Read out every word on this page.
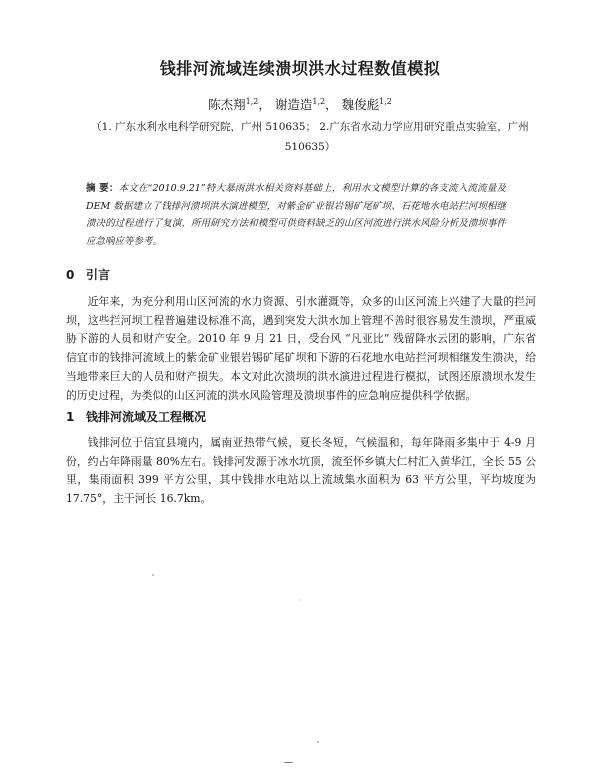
钱排河流域连续溃坝洪水过程数值模拟
陈杰翔$^{1,2}$， 谢造造$^{1,2}$， 魏俊彪$^{1,2}$
（1. 广东水利水电科学研究院，广州 510635； 2.广东省水动力学应用研究重点实验室，广州
510635）
摘 要：本文在“2010.9.21”特大暴雨洪水相关资料基础上，利用水文模型计算的各支流入流流量及 DEM 数据建立了钱排河溃坝洪水演进模型，对紫金矿业银岩锡矿尾矿坝、石花地水电站拦河坝相继溃决的过程进行了复演，所用研究方法和模型可供资料缺乏的山区河流进行洪水风险分析及溃坝事件应急响应等参考。
0 引言
近年来，为充分利用山区河流的水力资源、引水灌溉等，众多的山区河流上兴建了大量的拦河坝，这些拦河坝工程普遍建设标准不高，遇到突发大洪水加上管理不善时很容易发生溃坝，严重威胁下游的人员和财产安全。2010 年 9 月 21 日，受台风 “凡亚比” 残留降水云团的影响，广东省信宜市的钱排河流域上的紫金矿业银岩锡矿尾矿坝和下游的石花地水电站拦河坝相继发生溃决，给当地带来巨大的人员和财产损失。本文对此次溃坝的洪水演进过程进行模拟，试图还原溃坝水发生的历史过程，为类似的山区河流的洪水风险管理及溃坝事件的应急响应提供科学依据。
1 钱排河流域及工程概况
钱排河位于信宜县境内，属南亚热带气候，夏长冬短，气候温和，每年降雨多集中于 4-9 月份，约占年降雨量 80%左右。钱排河发源于冰水坑顶，流至怀乡镇大仁村汇入黄华江，全长 55 公里，集雨面积 399 平方公里，其中钱排水电站以上流域集水面积为 63 平方公里，平均坡度为 17.75°，主干河长 16.7km。
—
